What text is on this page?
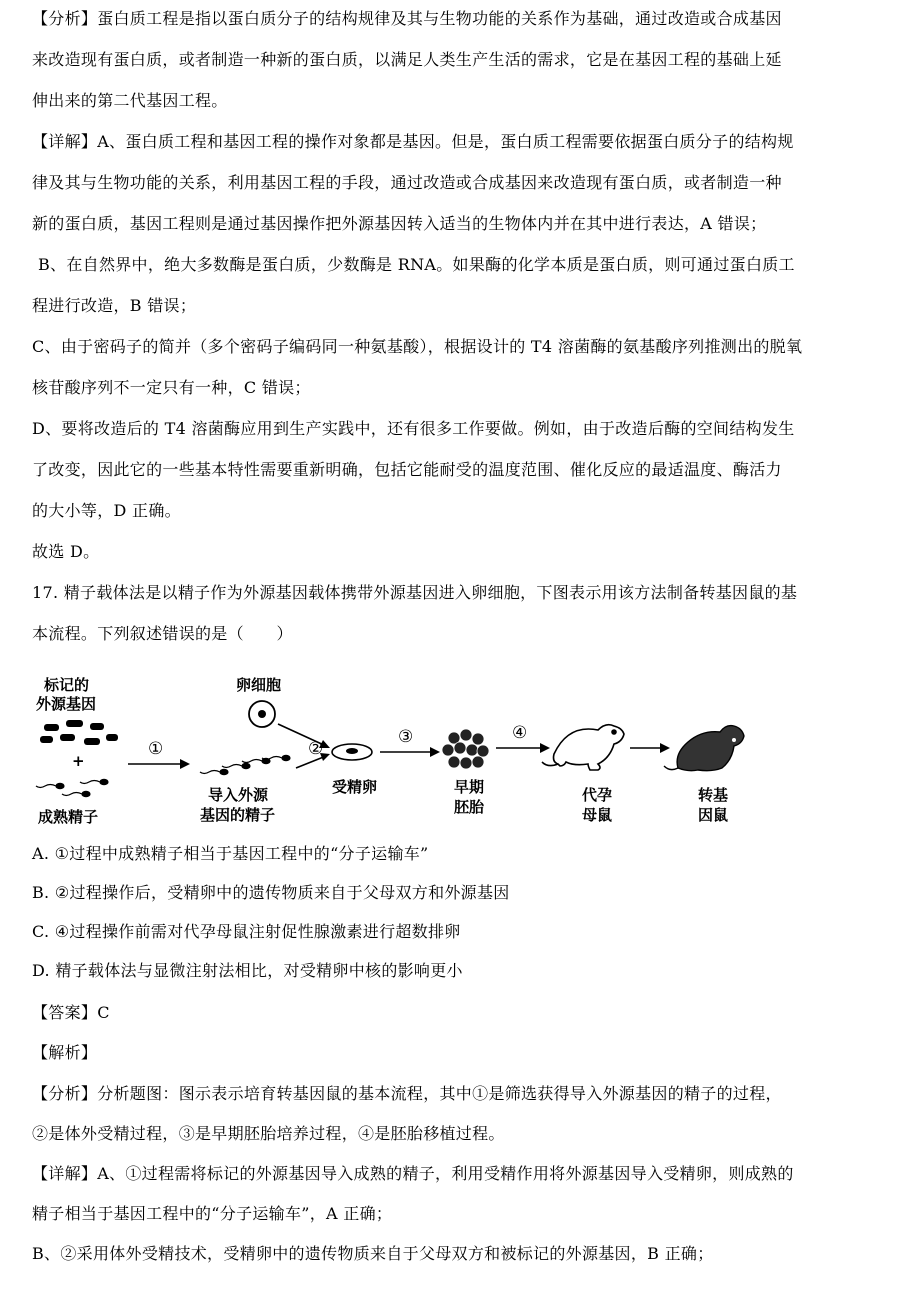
【分析】蛋白质工程是指以蛋白质分子的结构规律及其与生物功能的关系作为基础，通过改造或合成基因
来改造现有蛋白质，或者制造一种新的蛋白质，以满足人类生产生活的需求，它是在基因工程的基础上延
伸出来的第二代基因工程。
【详解】A、蛋白质工程和基因工程的操作对象都是基因。但是，蛋白质工程需要依据蛋白质分子的结构规
律及其与生物功能的关系，利用基因工程的手段，通过改造或合成基因来改造现有蛋白质，或者制造一种
新的蛋白质，基因工程则是通过基因操作把外源基因转入适当的生物体内并在其中进行表达，A 错误；
B、在自然界中，绝大多数酶是蛋白质，少数酶是 RNA。如果酶的化学本质是蛋白质，则可通过蛋白质工
程进行改造，B 错误；
C、由于密码子的简并（多个密码子编码同一种氨基酸），根据设计的 T4 溶菌酶的氨基酸序列推测出的脱氧
核苷酸序列不一定只有一种，C 错误；
D、要将改造后的 T4 溶菌酶应用到生产实践中，还有很多工作要做。例如，由于改造后酶的空间结构发生
了改变，因此它的一些基本特性需要重新明确，包括它能耐受的温度范围、催化反应的最适温度、酶活力
的大小等，D 正确。
故选 D。
17. 精子载体法是以精子作为外源基因载体携带外源基因进入卵细胞，下图表示用该方法制备转基因鼠的基
本流程。下列叙述错误的是（　　）
标记的
外源基因
+
成熟精子
①
卵细胞
导入外源
基因的精子
②
受精卵
③
早期
胚胎
④
代孕
母鼠
转基
因鼠
A. ①过程中成熟精子相当于基因工程中的“分子运输车”
B. ②过程操作后，受精卵中的遗传物质来自于父母双方和外源基因
C. ④过程操作前需对代孕母鼠注射促性腺激素进行超数排卵
D. 精子载体法与显微注射法相比，对受精卵中核的影响更小
【答案】C
【解析】
【分析】分析题图：图示表示培育转基因鼠的基本流程，其中①是筛选获得导入外源基因的精子的过程，
②是体外受精过程，③是早期胚胎培养过程，④是胚胎移植过程。
【详解】A、①过程需将标记的外源基因导入成熟的精子，利用受精作用将外源基因导入受精卵，则成熟的
精子相当于基因工程中的“分子运输车”，A 正确；
B、②采用体外受精技术，受精卵中的遗传物质来自于父母双方和被标记的外源基因，B 正确；
